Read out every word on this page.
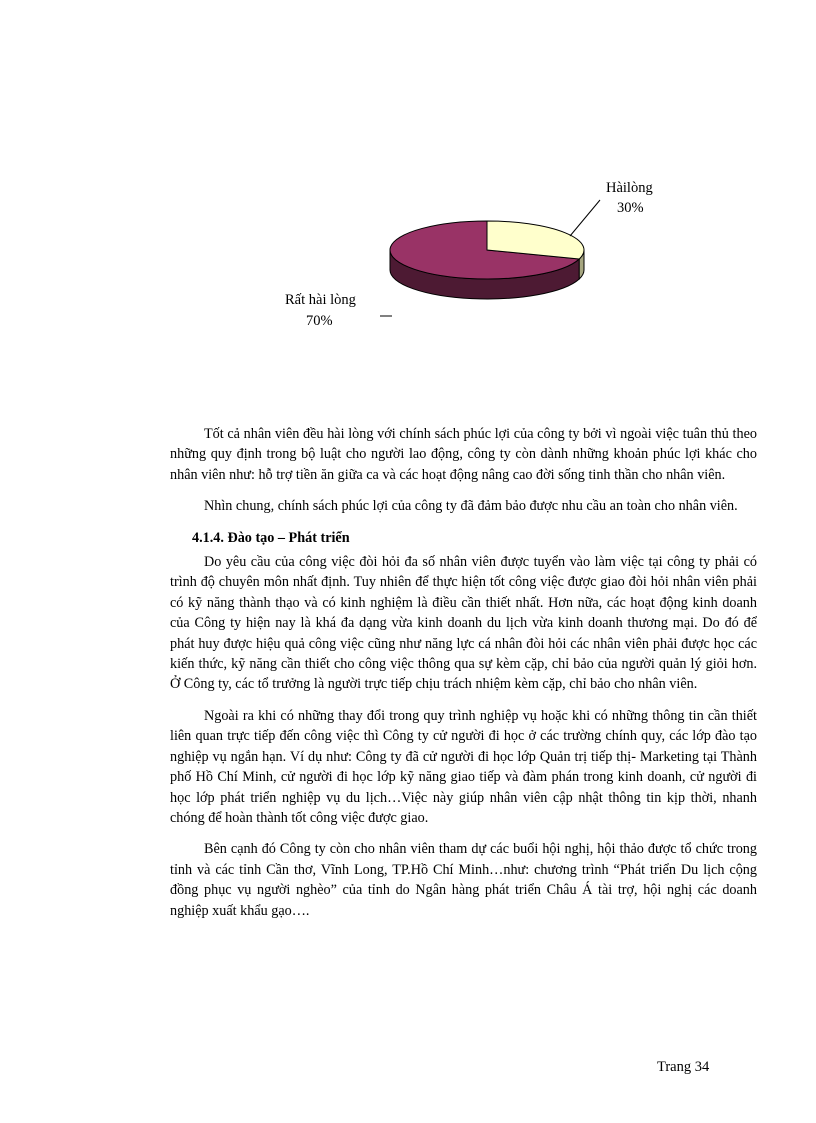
Hàilòng
30%
Rất hài lòng
70%

Tốt cả nhân viên đều hài lòng với chính sách phúc lợi của công ty bởi vì ngoài việc tuân thủ theo những quy định trong bộ luật cho người lao động, công ty còn dành những khoản phúc lợi khác cho nhân viên như: hỗ trợ tiền ăn giữa ca và các hoạt động nâng cao đời sống tinh thần cho nhân viên.

Nhìn chung, chính sách phúc lợi của công ty đã đảm bảo được nhu cầu an toàn cho nhân viên.

4.1.4. Đào tạo – Phát triển

Do yêu cầu của công việc đòi hỏi đa số nhân viên được tuyển vào làm việc tại công ty phải có trình độ chuyên môn nhất định. Tuy nhiên để thực hiện tốt công việc được giao đòi hỏi nhân viên phải có kỹ năng thành thạo và có kinh nghiệm là điều cần thiết nhất. Hơn nữa, các hoạt động kinh doanh của Công ty hiện nay là khá đa dạng vừa kinh doanh du lịch vừa kinh doanh thương mại. Do đó để phát huy được hiệu quả công việc cũng như năng lực cá nhân đòi hỏi các nhân viên phải được học các kiến thức, kỹ năng cần thiết cho công việc thông qua sự kèm cặp, chỉ bảo của người quản lý giỏi hơn. Ở Công ty, các tổ trưởng là người trực tiếp chịu trách nhiệm kèm cặp, chỉ bảo cho nhân viên.

Ngoài ra khi có những thay đổi trong quy trình nghiệp vụ hoặc khi có những thông tin cần thiết liên quan trực tiếp đến công việc thì Công ty cử người đi học ở các trường chính quy, các lớp đào tạo nghiệp vụ ngắn hạn. Ví dụ như: Công ty đã cử người đi học lớp Quản trị tiếp thị- Marketing tại Thành phố Hồ Chí Minh, cử người đi học lớp kỹ năng giao tiếp và đàm phán trong kinh doanh, cử người đi học lớp phát triển nghiệp vụ du lịch…Việc này giúp nhân viên cập nhật thông tin kịp thời, nhanh chóng để hoàn thành tốt công việc được giao.

Bên cạnh đó Công ty còn cho nhân viên tham dự các buổi hội nghị, hội thảo được tổ chức trong tỉnh và các tỉnh Cần thơ, Vĩnh Long, TP.Hồ Chí Minh…như: chương trình “Phát triển Du lịch cộng đồng phục vụ người nghèo” của tỉnh do Ngân hàng phát triển Châu Á tài trợ, hội nghị các doanh nghiệp xuất khẩu gạo….

Trang 34
